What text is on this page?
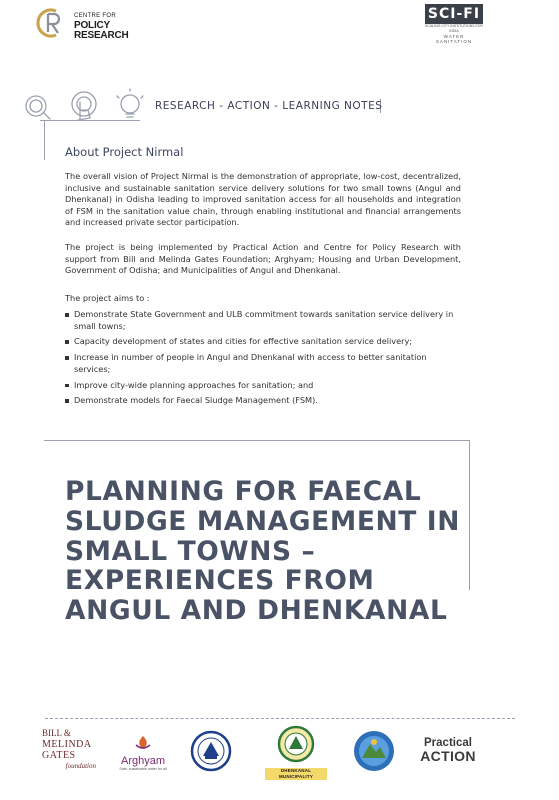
CENTRE FOR
POLICY
RESEARCH
SCI-FI
SCALING CITY INSTITUTIONS FOR INDIA
WATER SANITATION
RESEARCH - ACTION - LEARNING NOTES
About Project Nirmal

The overall vision of Project Nirmal is the demonstration of appropriate, low-cost, decentralized, inclusive and sustainable sanitation service delivery solutions for two small towns (Angul and Dhenkanal) in Odisha leading to improved sanitation access for all households and integration of FSM in the sanitation value chain, through enabling institutional and financial arrangements and increased private sector participation.

The project is being implemented by Practical Action and Centre for Policy Research with support from Bill and Melinda Gates Foundation; Arghyam; Housing and Urban Development, Government of Odisha; and Municipalities of Angul and Dhenkanal.

The project aims to :

Demonstrate State Government and ULB commitment towards sanitation service delivery in small towns;
Capacity development of states and cities for effective sanitation service delivery;
Increase in number of people in Angul and Dhenkanal with access to better sanitation services;
Improve city-wide planning approaches for sanitation; and
Demonstrate models for Faecal Sludge Management (FSM).
PLANNING FOR FAECAL SLUDGE MANAGEMENT IN SMALL TOWNS – EXPERIENCES FROM ANGUL AND DHENKANAL
BILL &
MELINDA
GATES
foundation	Arghyam
Safe, sustainable water for all	DHENKANAL MUNICIPALITY
Practical
ACTION
